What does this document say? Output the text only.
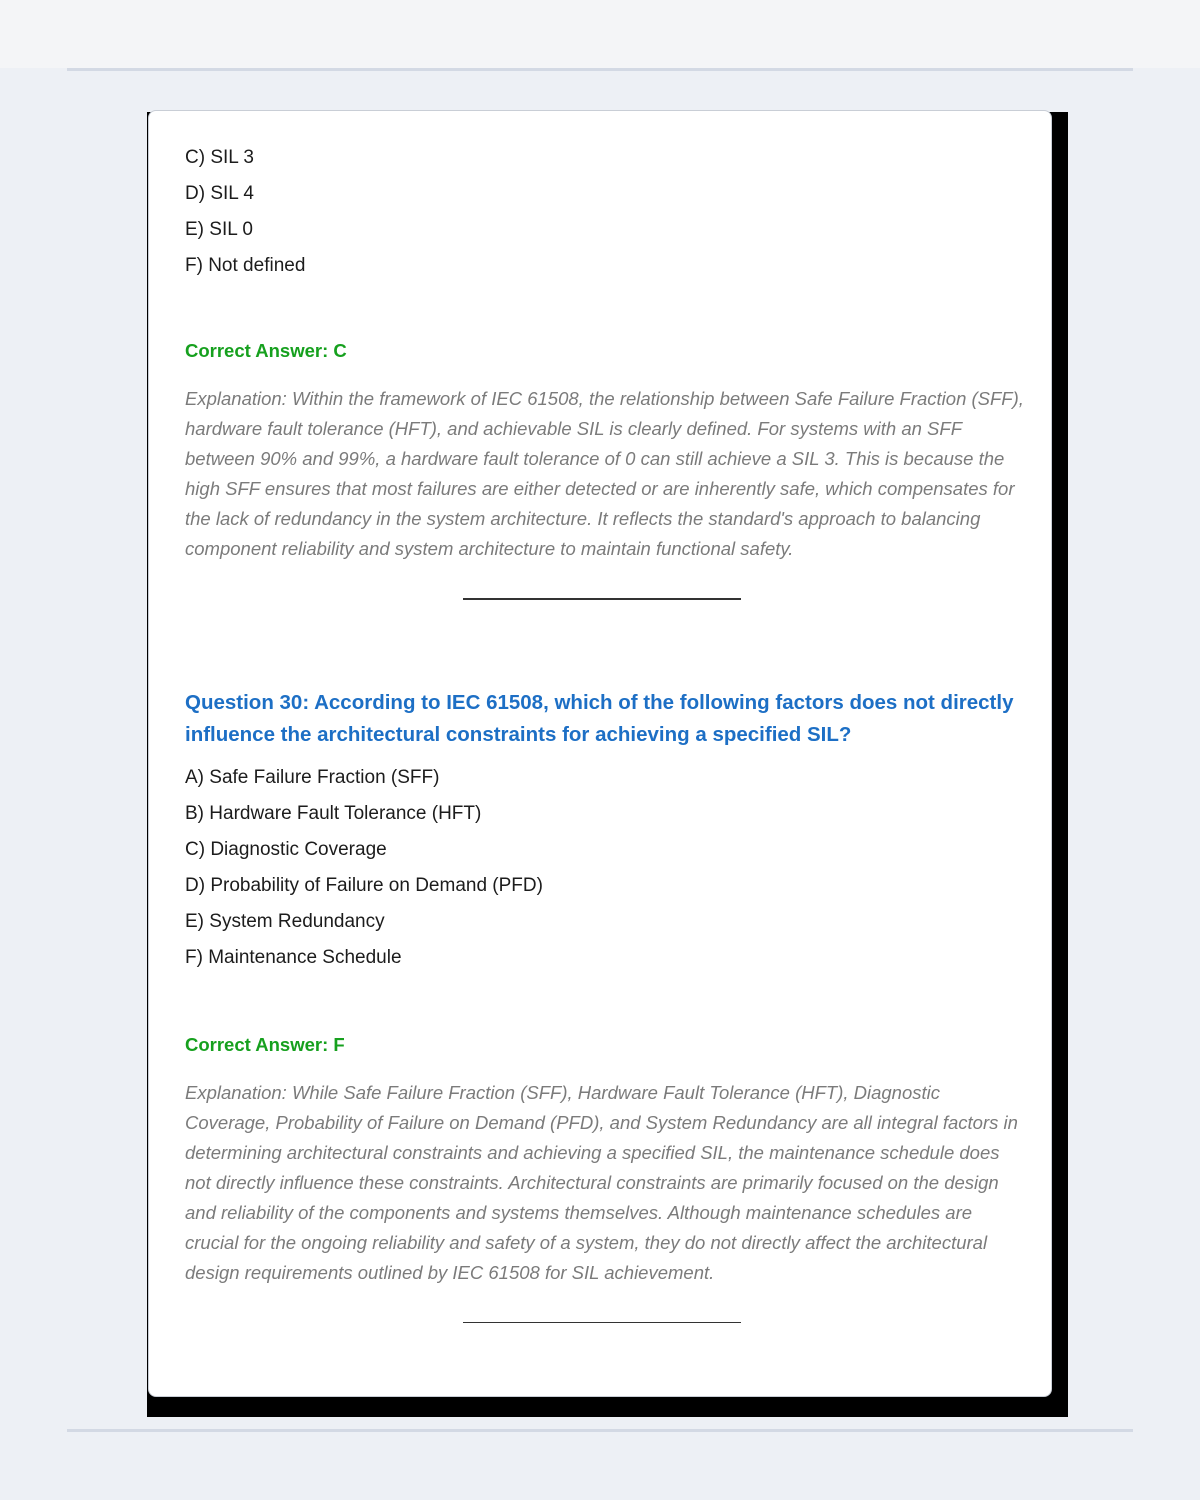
C) SIL 3
D) SIL 4
E) SIL 0
F) Not defined
Correct Answer: C

Explanation: Within the framework of IEC 61508, the relationship between Safe Failure Fraction (SFF), hardware fault tolerance (HFT), and achievable SIL is clearly defined. For systems with an SFF between 90% and 99%, a hardware fault tolerance of 0 can still achieve a SIL 3. This is because the high SFF ensures that most failures are either detected or are inherently safe, which compensates for the lack of redundancy in the system architecture. It reflects the standard's approach to balancing component reliability and system architecture to maintain functional safety.

Question 30: According to IEC 61508, which of the following factors does not directly influence the architectural constraints for achieving a specified SIL?

A) Safe Failure Fraction (SFF)
B) Hardware Fault Tolerance (HFT)
C) Diagnostic Coverage
D) Probability of Failure on Demand (PFD)
E) System Redundancy
F) Maintenance Schedule
Correct Answer: F

Explanation: While Safe Failure Fraction (SFF), Hardware Fault Tolerance (HFT), Diagnostic Coverage, Probability of Failure on Demand (PFD), and System Redundancy are all integral factors in determining architectural constraints and achieving a specified SIL, the maintenance schedule does not directly influence these constraints. Architectural constraints are primarily focused on the design and reliability of the components and systems themselves. Although maintenance schedules are crucial for the ongoing reliability and safety of a system, they do not directly affect the architectural design requirements outlined by IEC 61508 for SIL achievement.
